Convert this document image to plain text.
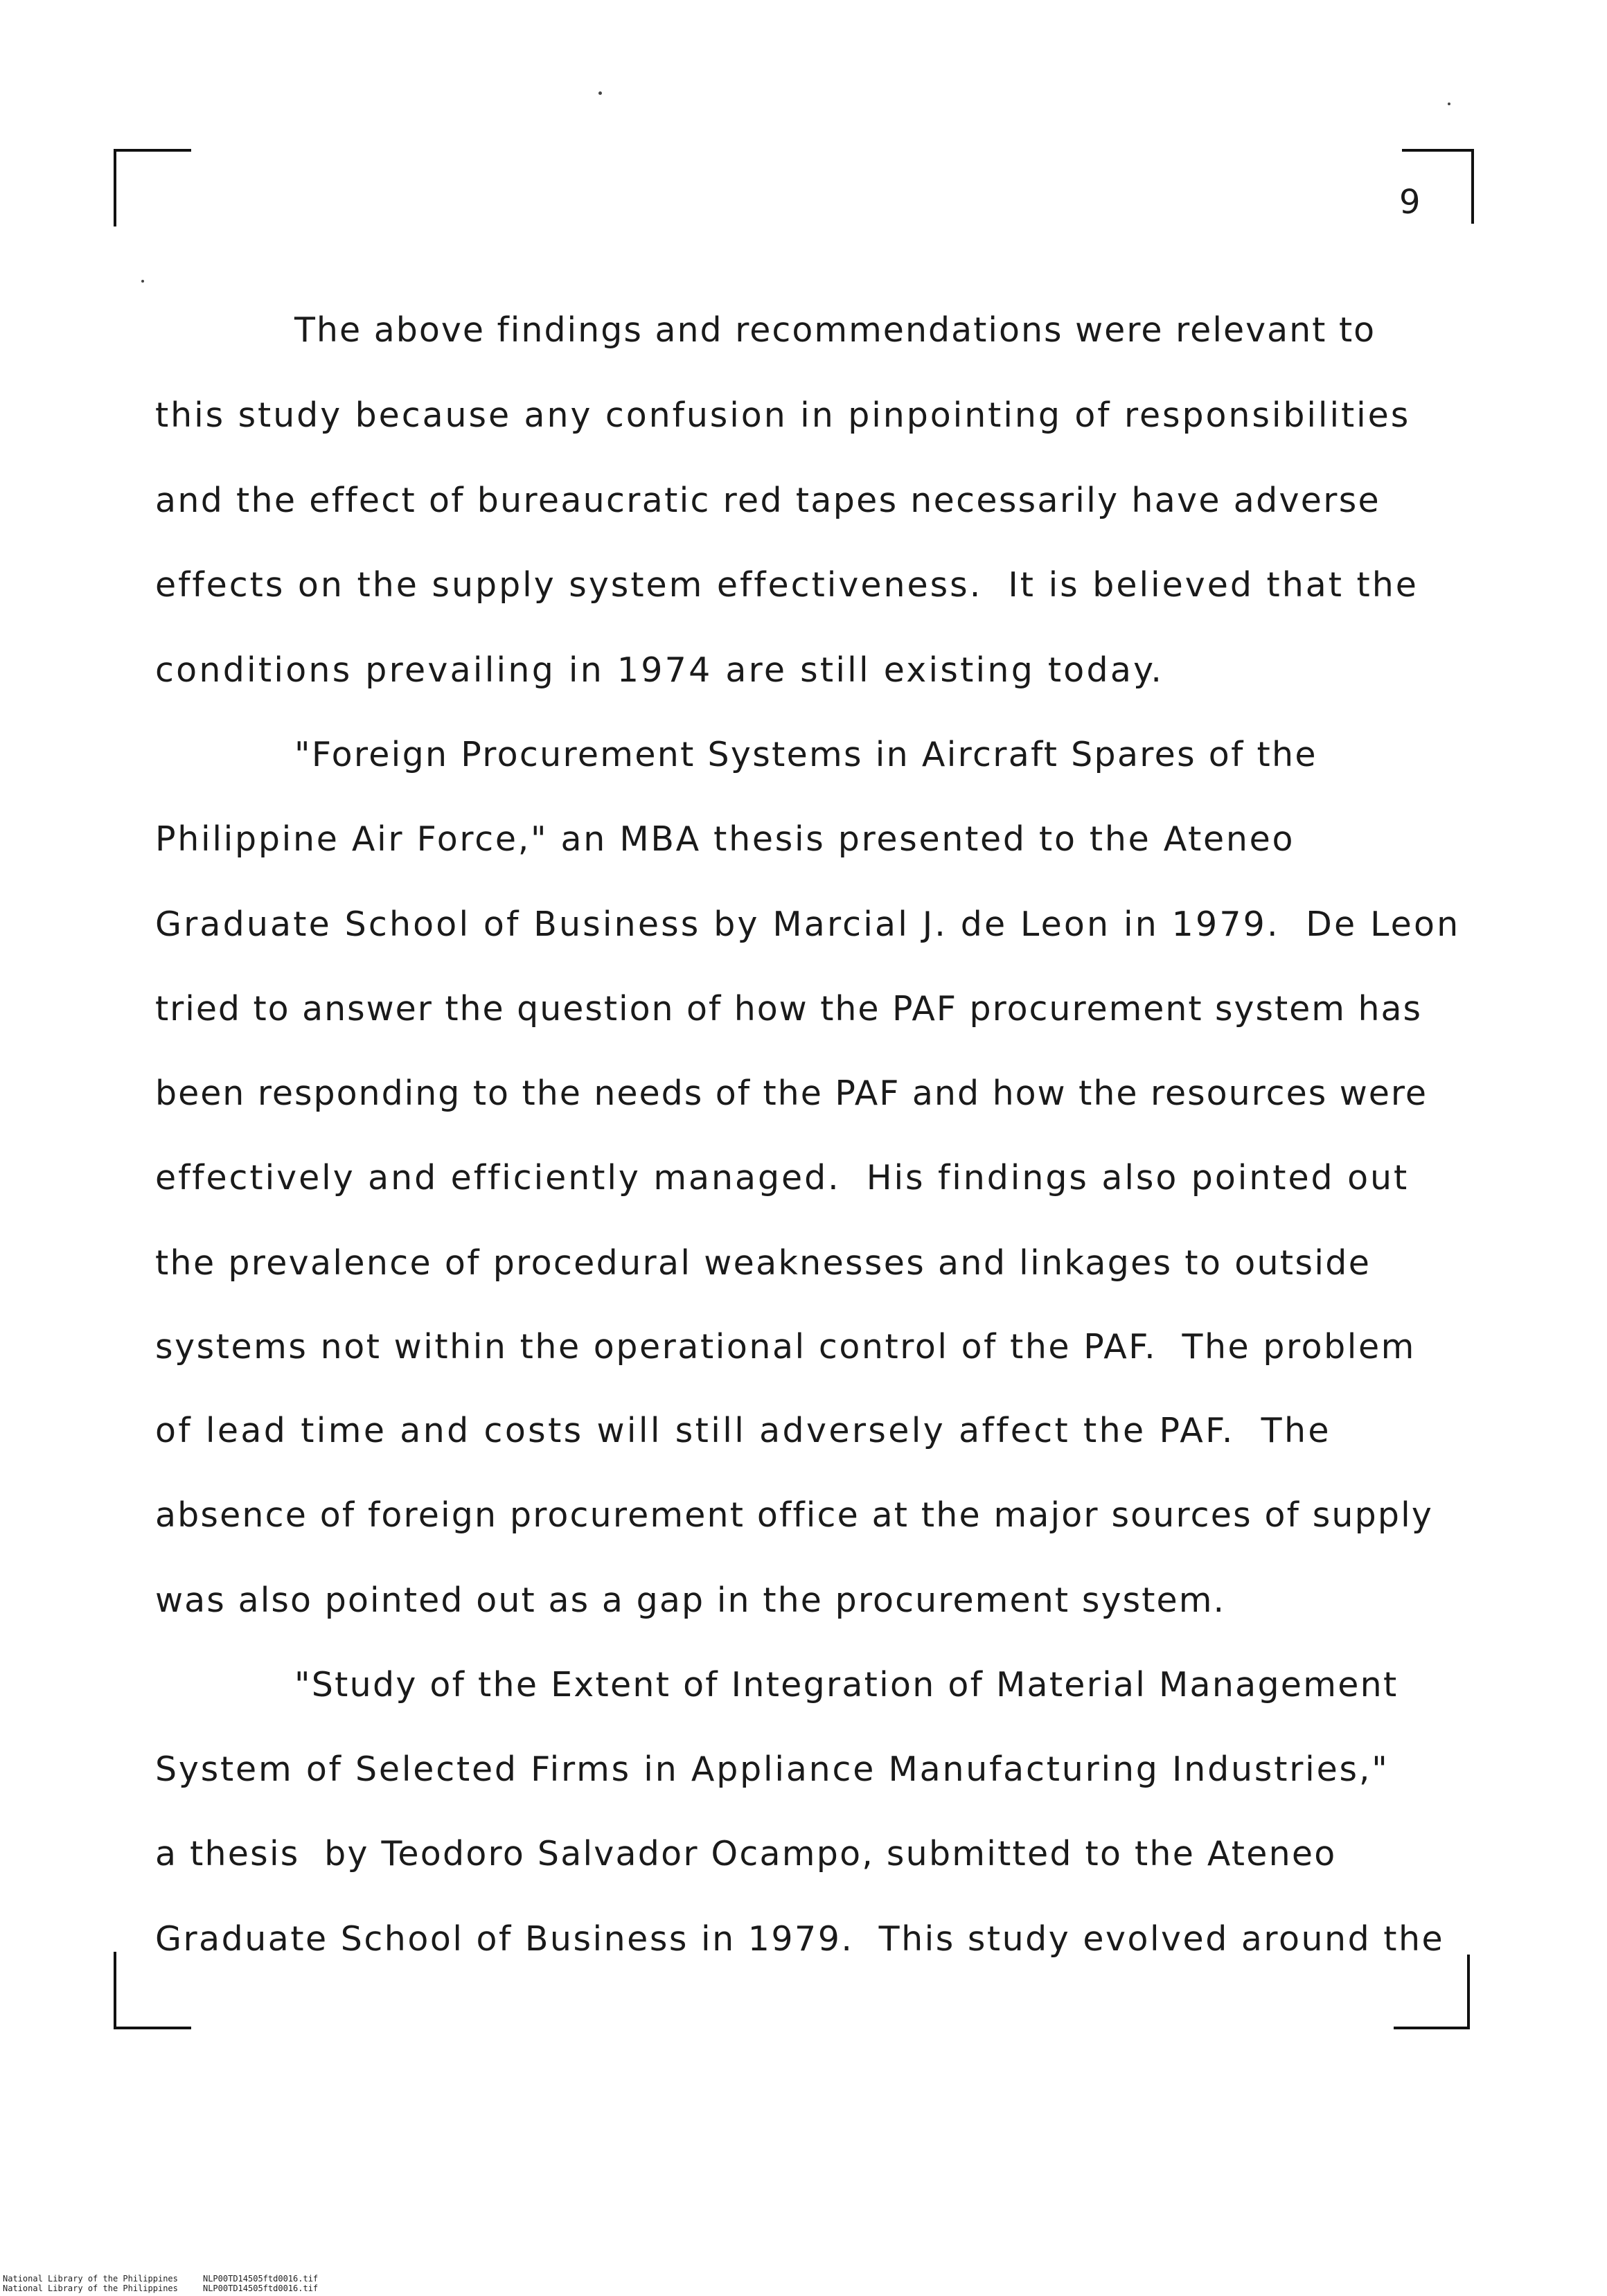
9

The above findings and recommendations were relevant to

this study because any confusion in pinpointing of responsibilities

and the effect of bureaucratic red tapes necessarily have adverse

effects on the supply system effectiveness.  It is believed that the

conditions prevailing in 1974 are still existing today.

"Foreign Procurement Systems in Aircraft Spares of the

Philippine Air Force," an MBA thesis presented to the Ateneo

Graduate School of Business by Marcial J. de Leon in 1979.  De Leon

tried to answer the question of how the PAF procurement system has

been responding to the needs of the PAF and how the resources were

effectively and efficiently managed.  His findings also pointed out

the prevalence of procedural weaknesses and linkages to outside

systems not within the operational control of the PAF.  The problem

of lead time and costs will still adversely affect the PAF.  The

absence of foreign procurement office at the major sources of supply

was also pointed out as a gap in the procurement system.

"Study of the Extent of Integration of Material Management

System of Selected Firms in Appliance Manufacturing Industries,"

a thesis  by Teodoro Salvador Ocampo, submitted to the Ateneo

Graduate School of Business in 1979.  This study evolved around the

National Library of the Philippines     NLP00TD14505ftd0016.tif
National Library of the Philippines     NLP00TD14505ftd0016.tif
